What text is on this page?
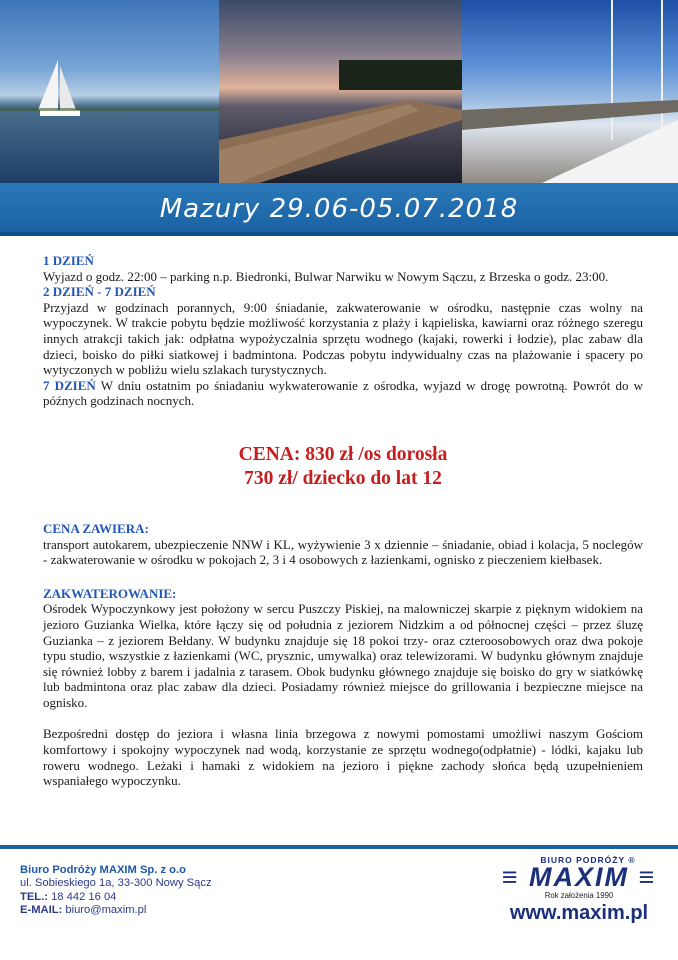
Mazury 29.06-05.07.2018
1 DZIEŃ

Wyjazd o godz. 22:00 – parking n.p. Biedronki, Bulwar Narwiku w Nowym Sączu, z Brzeska o godz. 23:00.

2 DZIEŃ - 7 DZIEŃ

Przyjazd w godzinach porannych, 9:00 śniadanie, zakwaterowanie w ośrodku, następnie czas wolny na wypoczynek. W trakcie pobytu będzie możliwość korzystania z plaży i kąpieliska, kawiarni oraz różnego szeregu innych atrakcji takich jak: odpłatna wypożyczalnia sprzętu wodnego (kajaki, rowerki i łodzie), plac zabaw dla dzieci, boisko do piłki siatkowej i badmintona. Podczas pobytu indywidualny czas na plażowanie i spacery po wytyczonych w pobliżu wielu szlakach turystycznych.

7 DZIEŃ W dniu ostatnim po śniadaniu wykwaterowanie z ośrodka, wyjazd w drogę powrotną. Powrót do w późnych godzinach nocnych.

CENA: 830 zł /os dorosła
730 zł/ dziecko do lat 12
CENA ZAWIERA:

transport autokarem, ubezpieczenie NNW i KL, wyżywienie 3 x dziennie – śniadanie, obiad i kolacja, 5 noclegów - zakwaterowanie w ośrodku w pokojach 2, 3 i 4 osobowych z łazienkami, ognisko z pieczeniem kiełbasek.

ZAKWATEROWANIE:

Ośrodek Wypoczynkowy jest położony w sercu Puszczy Piskiej, na malowniczej skarpie z pięknym widokiem na jezioro Guzianka Wielka, które łączy się od południa z jeziorem Nidzkim a od północnej części – przez śluzę Guzianka – z jeziorem Bełdany. W budynku znajduje się 18 pokoi trzy- oraz czteroosobowych oraz dwa pokoje typu studio, wszystkie z łazienkami (WC, prysznic, umywalka) oraz telewizorami. W budynku głównym znajduje się również lobby z barem i jadalnia z tarasem. Obok budynku głównego znajduje się boisko do gry w siatkówkę lub badmintona oraz plac zabaw dla dzieci. Posiadamy również miejsce do grillowania i bezpieczne miejsce na ognisko.

Bezpośredni dostęp do jeziora i własna linia brzegowa z nowymi pomostami umożliwi naszym Gościom komfortowy i spokojny wypoczynek nad wodą, korzystanie ze sprzętu wodnego(odpłatnie) - lódki, kajaku lub roweru wodnego. Leżaki i hamaki z widokiem na jezioro i piękne zachody słońca będą uzupełnieniem wspaniałego wypoczynku.

Biuro Podróży MAXIM Sp. z o.o
ul. Sobieskiego 1a, 33-300 Nowy Sącz
TEL.: 18 442 16 04
E-MAIL: biuro@maxim.pl
BIURO PODRÓŻY ®
≡ MAXIM ≡
Rok założenia 1990
www.maxim.pl
